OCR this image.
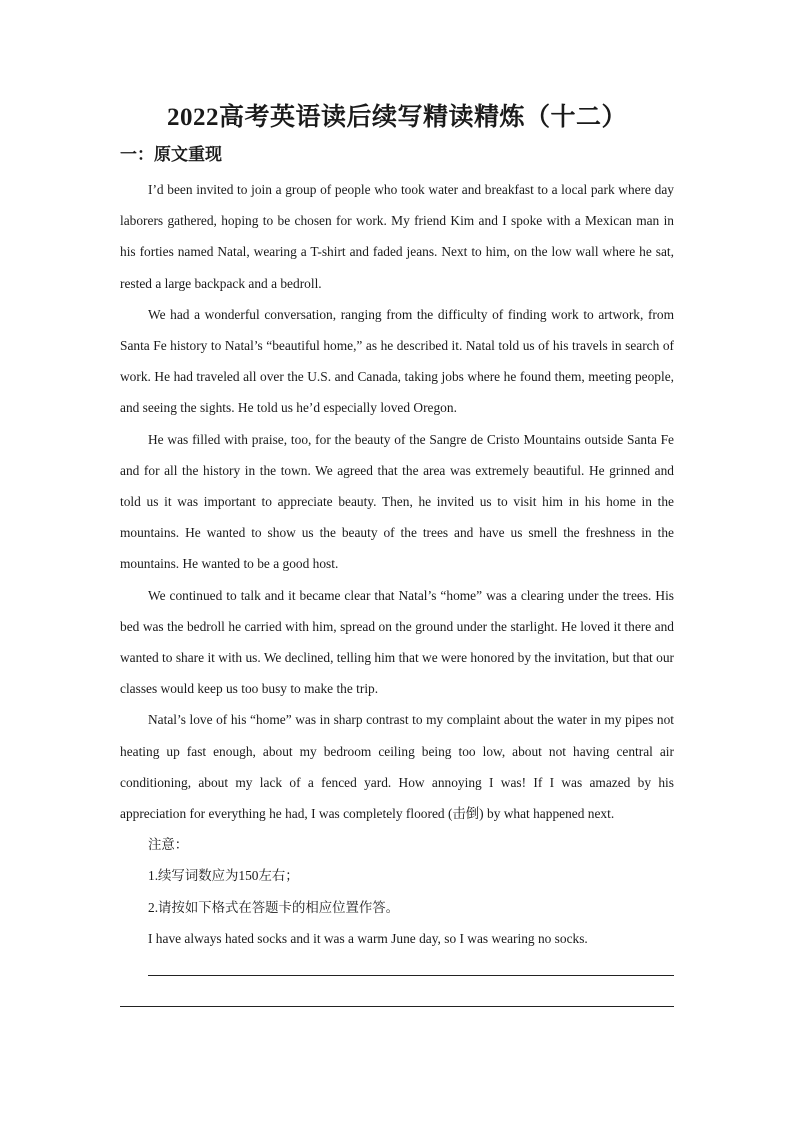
2022高考英语读后续写精读精炼（十二）
一：原文重现

I’d been invited to join a group of people who took water and breakfast to a local park where day laborers gathered, hoping to be chosen for work. My friend Kim and I spoke with a Mexican man in his forties named Natal, wearing a T-shirt and faded jeans. Next to him, on the low wall where he sat, rested a large backpack and a bedroll.

We had a wonderful conversation, ranging from the difficulty of finding work to artwork, from Santa Fe history to Natal’s “beautiful home,” as he described it. Natal told us of his travels in search of work. He had traveled all over the U.S. and Canada, taking jobs where he found them, meeting people, and seeing the sights. He told us he’d especially loved Oregon.

He was filled with praise, too, for the beauty of the Sangre de Cristo Mountains outside Santa Fe and for all the history in the town. We agreed that the area was extremely beautiful. He grinned and told us it was important to appreciate beauty. Then, he invited us to visit him in his home in the mountains. He wanted to show us the beauty of the trees and have us smell the freshness in the mountains. He wanted to be a good host.

We continued to talk and it became clear that Natal’s “home” was a clearing under the trees. His bed was the bedroll he carried with him, spread on the ground under the starlight. He loved it there and wanted to share it with us. We declined, telling him that we were honored by the invitation, but that our classes would keep us too busy to make the trip.

Natal’s love of his “home” was in sharp contrast to my complaint about the water in my pipes not heating up fast enough, about my bedroom ceiling being too low, about not having central air conditioning, about my lack of a fenced yard. How annoying I was! If I was amazed by his appreciation for everything he had, I was completely floored (击倒) by what happened next.

注意：

1.续写词数应为150左右；

2.请按如下格式在答题卡的相应位置作答。

I have always hated socks and it was a warm June day, so I was wearing no socks.
